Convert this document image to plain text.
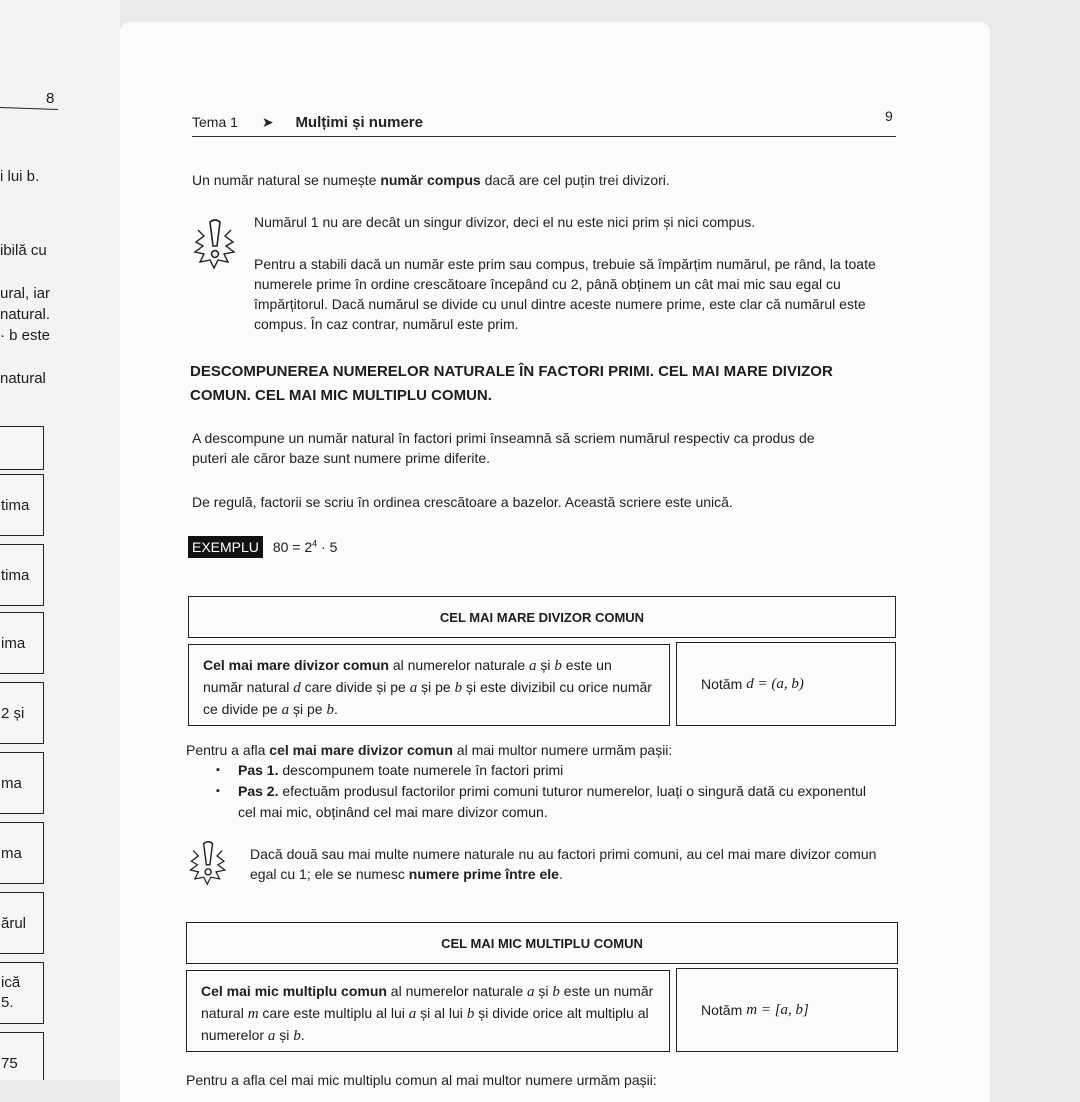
8
i lui b.
ibilă cu
ural, iar
natural.
· b este
natural
tima
tima
ima
2 și
ma
ma
ărul
ică
5.
75
Tema 1 ➤ Mulțimi și numere	9
Un număr natural se numește număr compus dacă are cel puțin trei divizori.
Numărul 1 nu are decât un singur divizor, deci el nu este nici prim și nici compus.
Pentru a stabili dacă un număr este prim sau compus, trebuie să împărțim numărul, pe rând, la toate numerele prime în ordine crescătoare începând cu 2, până obținem un cât mai mic sau egal cu împărțitorul. Dacă numărul se divide cu unul dintre aceste numere prime, este clar că numărul este compus. În caz contrar, numărul este prim.
DESCOMPUNEREA NUMERELOR NATURALE ÎN FACTORI PRIMI. CEL MAI MARE DIVIZOR COMUN. CEL MAI MIC MULTIPLU COMUN.
A descompune un număr natural în factori primi înseamnă să scriem numărul respectiv ca produs de puteri ale căror baze sunt numere prime diferite.
De regulă, factorii se scriu în ordinea crescătoare a bazelor. Această scriere este unică.
EXEMPLU $80 = 2^4 \cdot 5$
CEL MAI MARE DIVIZOR COMUN
Cel mai mare divizor comun al numerelor naturale a și b este un număr natural d care divide și pe a și pe b și este divizibil cu orice număr ce divide pe a și pe b.
Notăm d = (a, b)
Pentru a afla cel mai mare divizor comun al mai multor numere urmăm pașii:
▪ Pas 1. descompunem toate numerele în factori primi
▪ Pas 2. efectuăm produsul factorilor primi comuni tuturor numerelor, luați o singură dată cu exponentul cel mai mic, obținând cel mai mare divizor comun.
Dacă două sau mai multe numere naturale nu au factori primi comuni, au cel mai mare divizor comun egal cu 1; ele se numesc numere prime între ele.
CEL MAI MIC MULTIPLU COMUN
Cel mai mic multiplu comun al numerelor naturale a și b este un număr natural m care este multiplu al lui a și al lui b și divide orice alt multiplu al numerelor a și b.
Notăm m = [a, b]
Pentru a afla cel mai mic multiplu comun al mai multor numere urmăm pașii:
